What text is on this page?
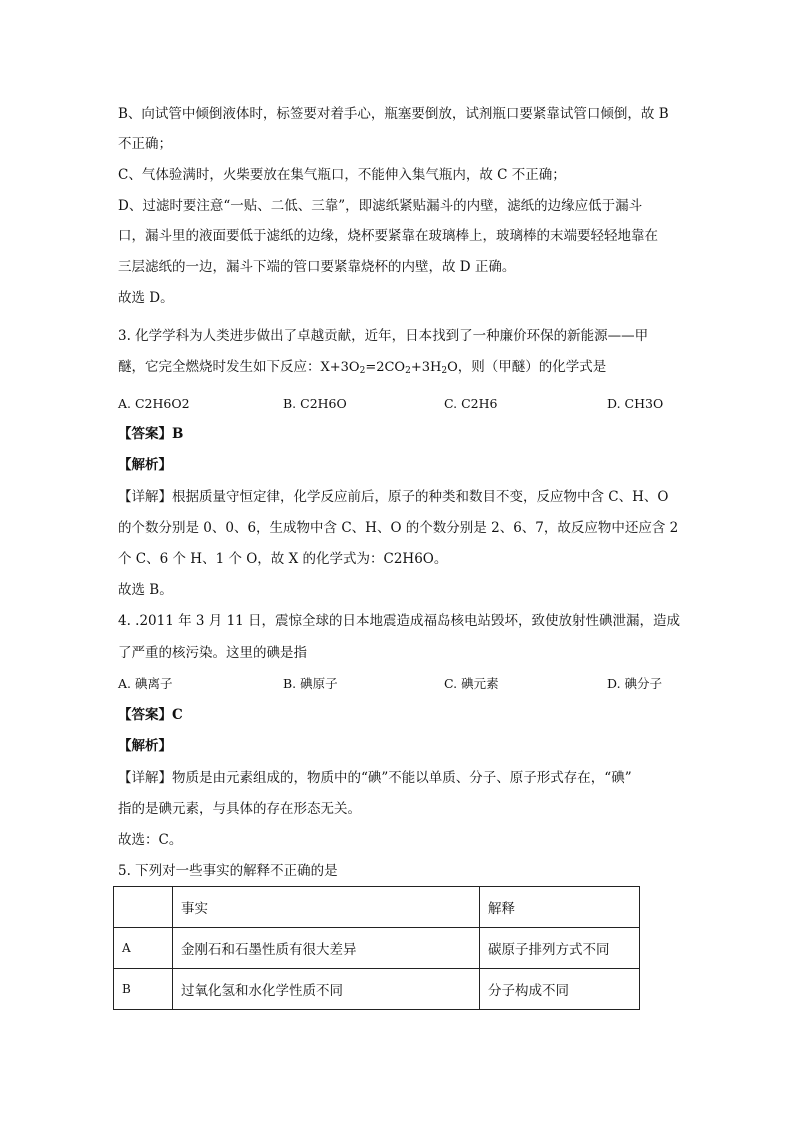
B、向试管中倾倒液体时，标签要对着手心，瓶塞要倒放，试剂瓶口要紧靠试管口倾倒，故 B
不正确；
C、气体验满时，火柴要放在集气瓶口，不能伸入集气瓶内，故 C 不正确；
D、过滤时要注意“一贴、二低、三靠”，即滤纸紧贴漏斗的内壁，滤纸的边缘应低于漏斗
口，漏斗里的液面要低于滤纸的边缘，烧杯要紧靠在玻璃棒上，玻璃棒的末端要轻轻地靠在
三层滤纸的一边，漏斗下端的管口要紧靠烧杯的内壁，故 D 正确。
故选 D。
3. 化学学科为人类进步做出了卓越贡献，近年，日本找到了一种廉价环保的新能源——甲
醚，它完全燃烧时发生如下反应：$X+3O_2=2CO_2+3H_2O$，则（甲醚）的化学式是
A. C2H6O2	B. C2H6O	C. C2H6	D. CH3O
【答案】B
【解析】
【详解】根据质量守恒定律，化学反应前后，原子的种类和数目不变，反应物中含 C、H、O
的个数分别是 0、0、6，生成物中含 C、H、O 的个数分别是 2、6、7，故反应物中还应含 2
个 C、6 个 H、1 个 O，故 X 的化学式为：C2H6O。
故选 B。
4. .2011 年 3 月 11 日，震惊全球的日本地震造成福岛核电站毁坏，致使放射性碘泄漏，造成
了严重的核污染。这里的碘是指
A. 碘离子	B. 碘原子	C. 碘元素	D. 碘分子
【答案】C
【解析】
【详解】物质是由元素组成的，物质中的“碘”不能以单质、分子、原子形式存在，“碘”
指的是碘元素，与具体的存在形态无关。
故选：C。
5. 下列对一些事实的解释不正确的是
	事实	解释
A	金刚石和石墨性质有很大差异	碳原子排列方式不同
B	过氧化氢和水化学性质不同	分子构成不同
